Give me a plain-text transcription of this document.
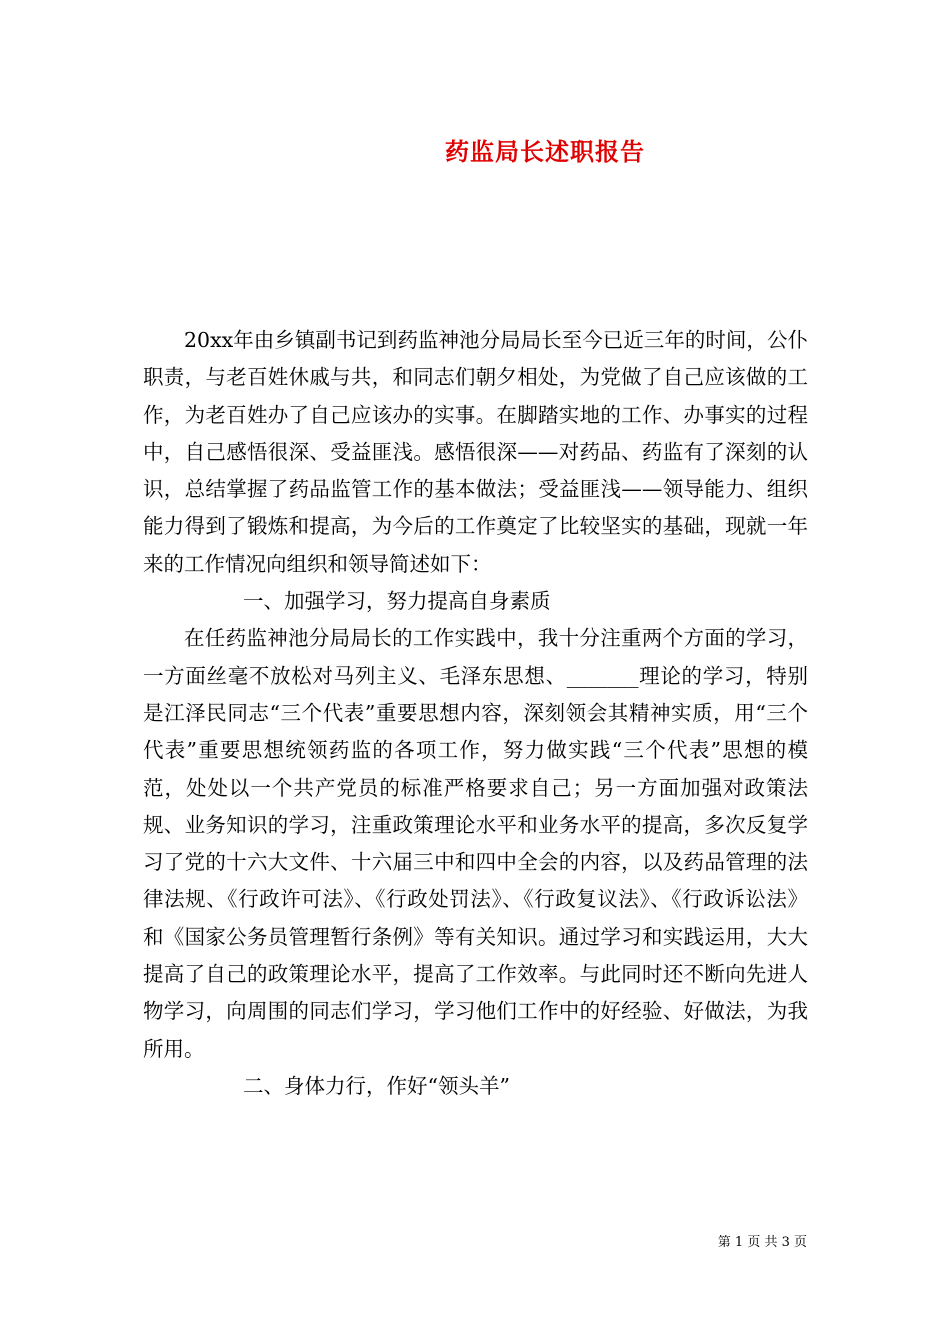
药监局长述职报告

20xx年由乡镇副书记到药监神池分局局长至今已近三年的时间，公仆职责，与老百姓休戚与共，和同志们朝夕相处，为党做了自己应该做的工作，为老百姓办了自己应该办的实事。在脚踏实地的工作、办事实的过程中，自己感悟很深、受益匪浅。感悟很深——对药品、药监有了深刻的认识，总结掌握了药品监管工作的基本做法；受益匪浅——领导能力、组织能力得到了锻炼和提高，为今后的工作奠定了比较坚实的基础，现就一年来的工作情况向组织和领导简述如下：

一、加强学习，努力提高自身素质

在任药监神池分局局长的工作实践中，我十分注重两个方面的学习，一方面丝毫不放松对马列主义、毛泽东思想、_______理论的学习，特别是江泽民同志“三个代表”重要思想内容，深刻领会其精神实质，用“三个代表”重要思想统领药监的各项工作，努力做实践“三个代表”思想的模范，处处以一个共产党员的标准严格要求自己；另一方面加强对政策法规、业务知识的学习，注重政策理论水平和业务水平的提高，多次反复学习了党的十六大文件、十六届三中和四中全会的内容，以及药品管理的法律法规、《行政许可法》、《行政处罚法》、《行政复议法》、《行政诉讼法》和《国家公务员管理暂行条例》等有关知识。通过学习和实践运用，大大提高了自己的政策理论水平，提高了工作效率。与此同时还不断向先进人物学习，向周围的同志们学习，学习他们工作中的好经验、好做法，为我所用。

二、身体力行，作好“领头羊”

第 1 页 共 3 页
